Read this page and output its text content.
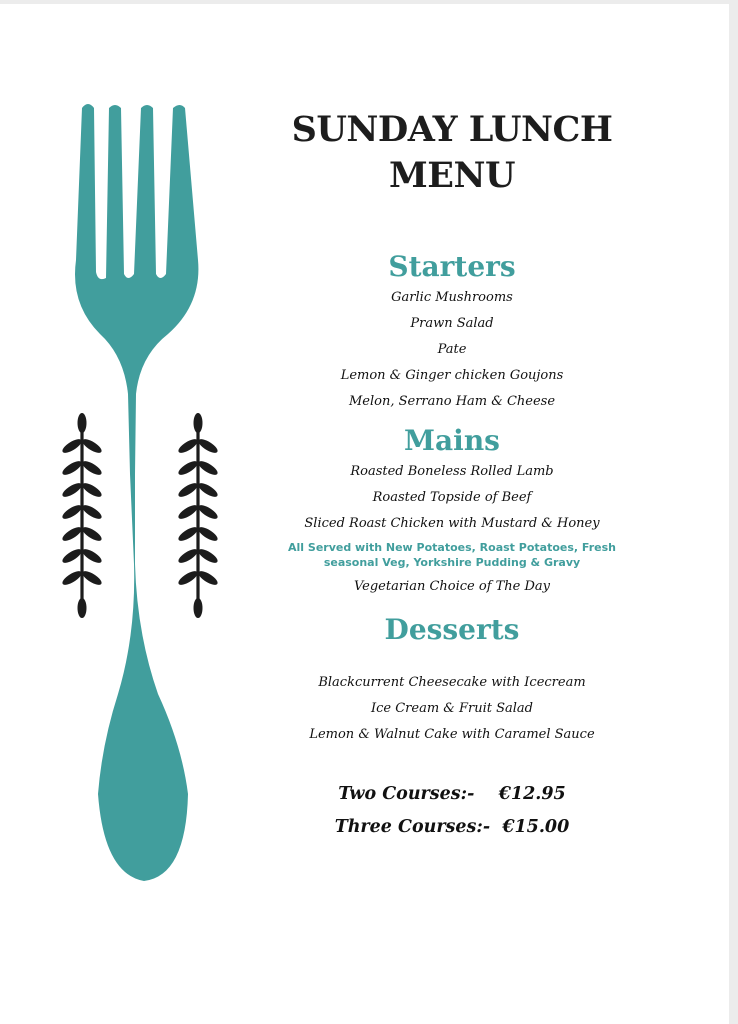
SUNDAY LUNCH
MENU
Starters

Garlic Mushrooms

Prawn Salad

Pate

Lemon & Ginger chicken Goujons

Melon, Serrano Ham & Cheese

Mains

Roasted Boneless Rolled Lamb

Roasted Topside of Beef

Sliced Roast Chicken with Mustard & Honey

All Served with New Potatoes, Roast Potatoes, Fresh seasonal Veg, Yorkshire Pudding & Gravy

Vegetarian Choice of The Day

Desserts

Blackcurrent Cheesecake with Icecream

Ice Cream & Fruit Salad

Lemon & Walnut Cake with Caramel Sauce

Two Courses:- €12.95
Three Courses:- €15.00
